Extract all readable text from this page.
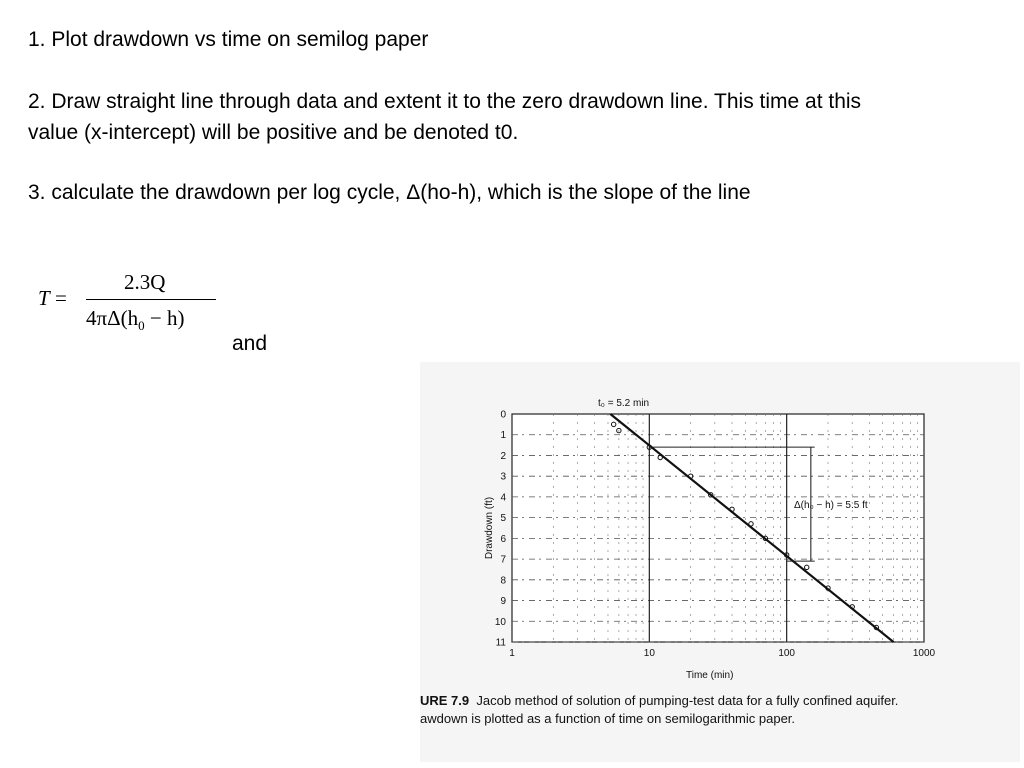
1. Plot drawdown vs time on semilog paper

2. Draw straight line through data and extent it to the zero drawdown line. This time at this value (x-intercept) will be positive and be denoted t0.

3. calculate the drawdown per log cycle, Δ(ho-h), which is the slope of the line

T =
2.3Q
$4\pi\Delta(h_0 - h)$
and
0
1
2
3
4
5
6
7
8
9
10
11
1	10	100	1000
t₀ = 5.2 min
Δ(h₀ − h) = 5.5 ft
Time (min)
Drawdown (ft)
URE 7.9 Jacob method of solution of pumping-test data for a fully confined aquifer.
awdown is plotted as a function of time on semilogarithmic paper.
